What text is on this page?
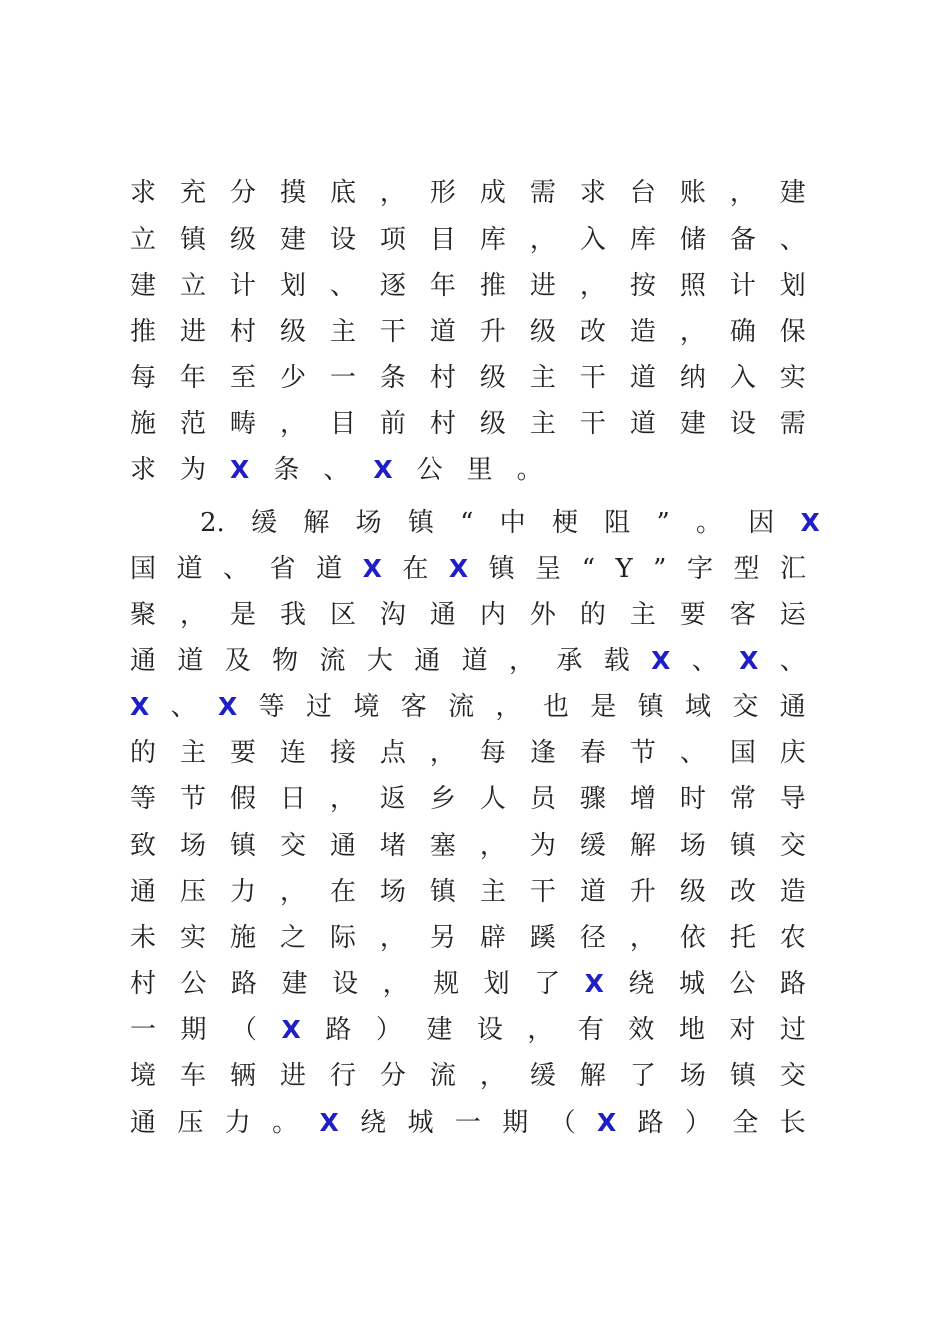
求 充 分 摸 底 ， 形 成 需 求 台 账 ， 建
立 镇 级 建 设 项 目 库 ， 入 库 储 备 、
建 立 计 划 、 逐 年 推 进 ， 按 照 计 划
推 进 村 级 主 干 道 升 级 改 造 ， 确 保
每 年 至 少 一 条 村 级 主 干 道 纳 入 实
施 范 畴 ， 目 前 村 级 主 干 道 建 设 需
求 为 X 条 、 X 公 里 。
2. 缓 解 场 镇 “ 中 梗 阻 ” 。 因 X
国 道 、 省 道 X 在 X 镇 呈 “ Y ” 字 型 汇
聚 ， 是 我 区 沟 通 内 外 的 主 要 客 运
通 道 及 物 流 大 通 道 ， 承 载 X 、 X 、
X 、 X 等 过 境 客 流 ， 也 是 镇 域 交 通
的 主 要 连 接 点 ， 每 逢 春 节 、 国 庆
等 节 假 日 ， 返 乡 人 员 骤 增 时 常 导
致 场 镇 交 通 堵 塞 ， 为 缓 解 场 镇 交
通 压 力 ， 在 场 镇 主 干 道 升 级 改 造
未 实 施 之 际 ， 另 辟 蹊 径 ， 依 托 农
村 公 路 建 设 ， 规 划 了 X 绕 城 公 路
一 期 （ X 路 ） 建 设 ， 有 效 地 对 过
境 车 辆 进 行 分 流 ， 缓 解 了 场 镇 交
通 压 力 。 X 绕 城 一 期 （ X 路 ） 全 长
